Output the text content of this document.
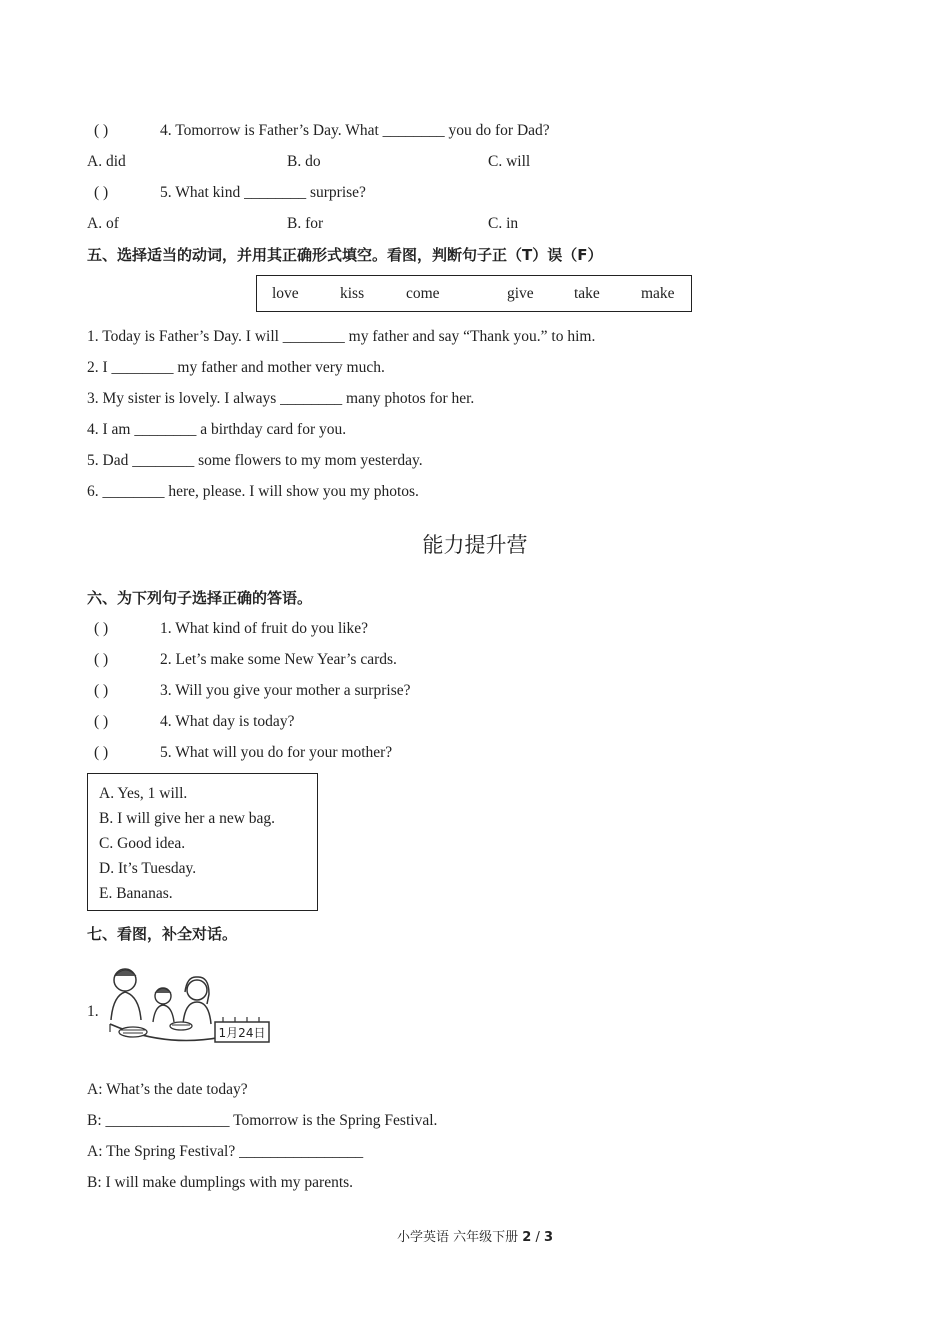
( )	4. Tomorrow is Father’s Day. What ________ you do for Dad?
A. did	B. do	C. will
( )	5. What kind ________ surprise?
A. of	B. for	C. in
五、选择适当的动词，并用其正确形式填空。看图，判断句子正（T）误（F）
love	kiss	come	give	take	make
1. Today is Father’s Day. I will ________ my father and say “Thank you.” to him.
2. I ________ my father and mother very much.
3. My sister is lovely. I always ________ many photos for her.
4. I am ________ a birthday card for you.
5. Dad ________ some flowers to my mom yesterday.
6. ________ here, please. I will show you my photos.
能力提升营
六、为下列句子选择正确的答语。
( )	1. What kind of fruit do you like?
( )	2. Let’s make some New Year’s cards.
( )	3. Will you give your mother a surprise?
( )	4. What day is today?
( )	5. What will you do for your mother?
A. Yes, 1 will.
B. I will give her a new bag.
C. Good idea.
D. It’s Tuesday.
E. Bananas.
七、看图，补全对话。
1.
1月24日
A: What’s the date today?
B: ________________ Tomorrow is the Spring Festival.
A: The Spring Festival? ________________
B: I will make dumplings with my parents.
小学英语 六年级下册 2 / 3
